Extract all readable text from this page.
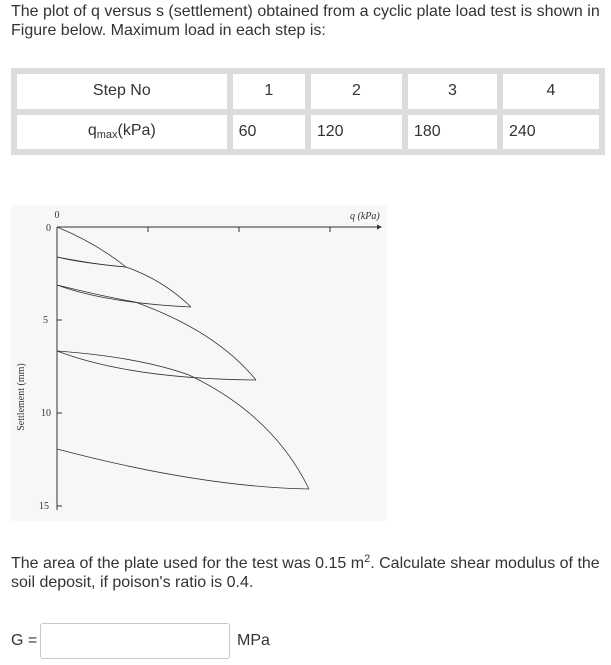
The plot of q versus s (settlement) obtained from a cyclic plate load test is shown in Figure below. Maximum load in each step is:

Step No	1	2	3	4
$q_{max}(kPa)$	60	120	180	240
0
0
5
10
15
q (kPa)
Settlement (mm)

The area of the plate used for the test was 0.15 $m^2$. Calculate shear modulus of the soil deposit, if poison's ratio is 0.4.

G =	MPa
